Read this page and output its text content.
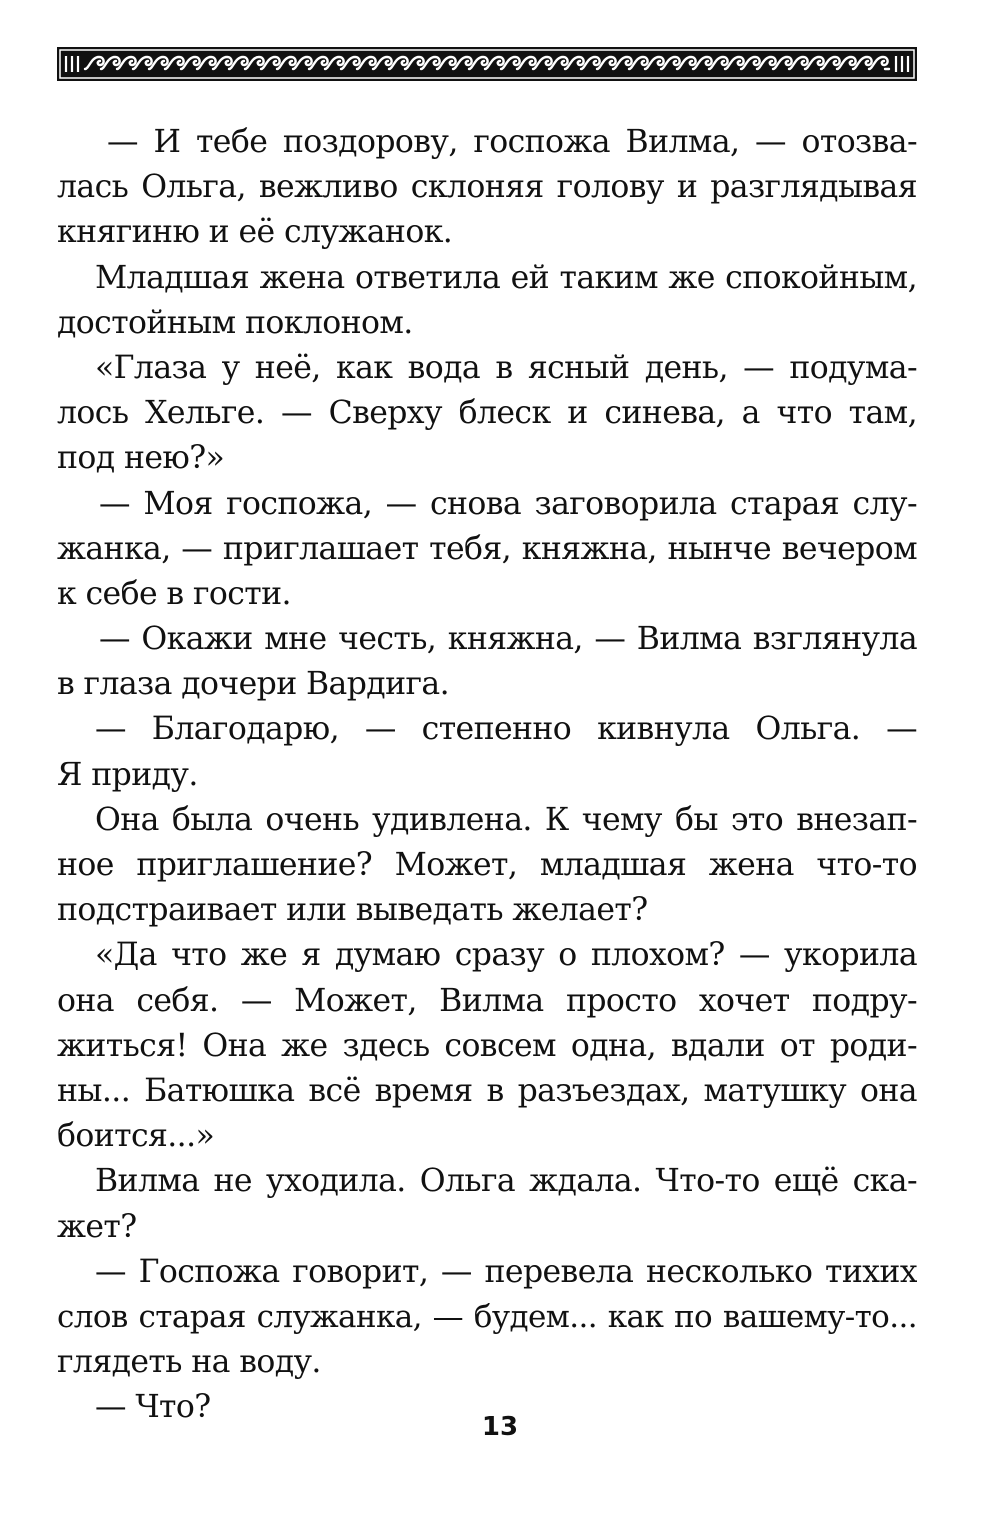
— И тебе поздорову, госпожа Вилма, — отозва-
лась Ольга, вежливо склоняя голову и разглядывая
княгиню и её служанок.
Младшая жена ответила ей таким же спокойным,
достойным поклоном.
«Глаза у неё, как вода в ясный день, — подума-
лось Хельге. — Сверху блеск и синева, а что там,
под нею?»
— Моя госпожа, — снова заговорила старая слу-
жанка, — приглашает тебя, княжна, нынче вечером
к себе в гости.
— Окажи мне честь, княжна, — Вилма взглянула
в глаза дочери Вардига.
— Благодарю, — степенно кивнула Ольга. —
Я приду.
Она была очень удивлена. К чему бы это внезап-
ное приглашение? Может, младшая жена что-то
подстраивает или выведать желает?
«Да что же я думаю сразу о плохом? — укорила
она себя. — Может, Вилма просто хочет подру-
житься! Она же здесь совсем одна, вдали от роди-
ны... Батюшка всё время в разъездах, матушку она
боится...»
Вилма не уходила. Ольга ждала. Что-то ещё ска-
жет?
— Госпожа говорит, — перевела несколько тихих
слов старая служанка, — будем... как по вашему-то...
глядеть на воду.
— Что?
13
